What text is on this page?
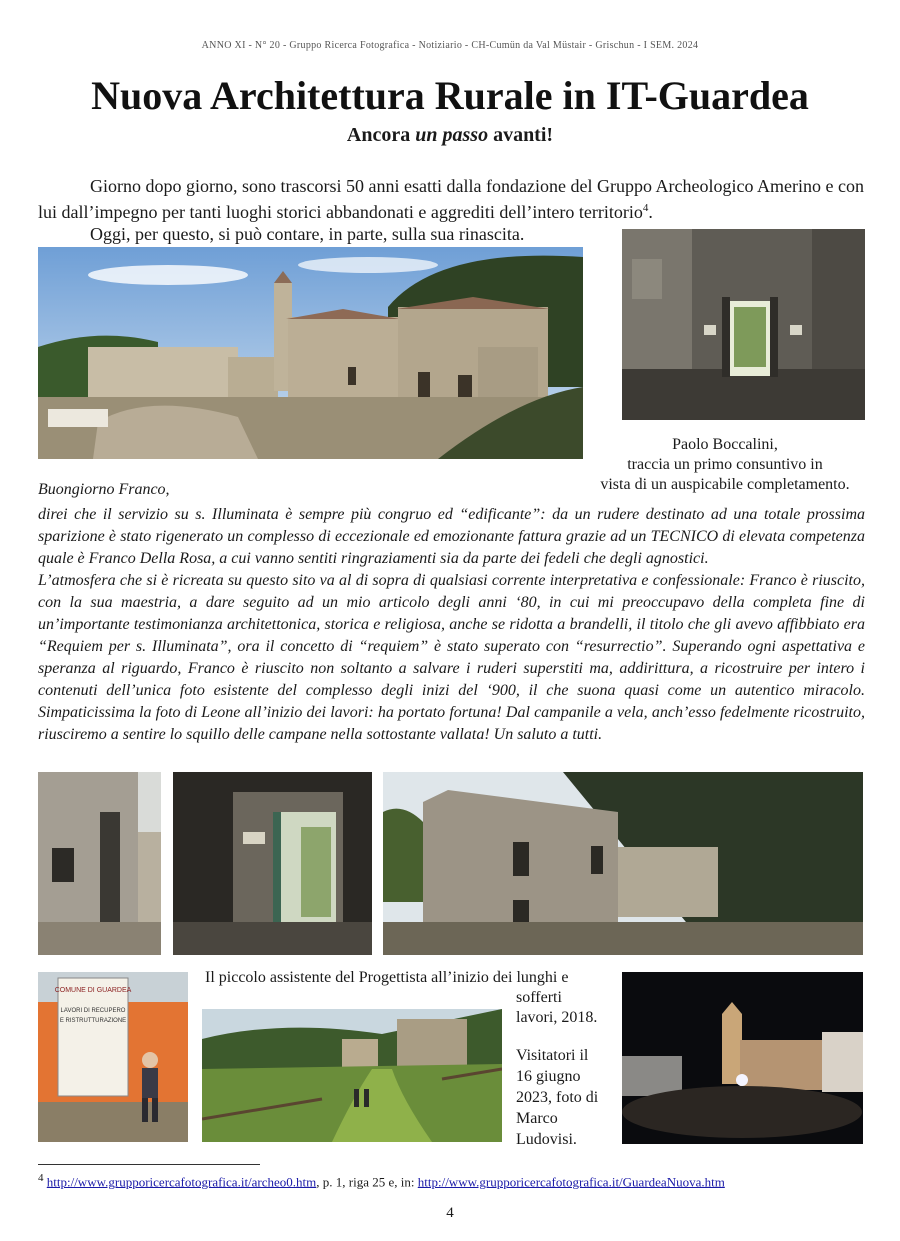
ANNO XI - N° 20 - Gruppo Ricerca Fotografica - Notiziario - CH-Cumün da Val Müstair - Grischun - I SEM. 2024
Nuova Architettura Rurale in IT-Guardea
Ancora un passo avanti!

Giorno dopo giorno, sono trascorsi 50 anni esatti dalla fondazione del Gruppo Archeologico Amerino e con lui dall’impegno per tanti luoghi storici abbandonati e aggrediti dell’intero territorio$^4$.

Oggi, per questo, si può contare, in parte, sulla sua rinascita.

Paolo Boccalini,
traccia un primo consuntivo in
vista di un auspicabile completamento.
Buongiorno Franco,

direi che il servizio su s. Illuminata è sempre più congruo ed “edificante”: da un rudere destinato ad una totale prossima sparizione è stato rigenerato un complesso di eccezionale ed emozionante fattura grazie ad un TECNICO di elevata competenza quale è Franco Della Rosa, a cui vanno sentiti ringraziamenti sia da parte dei fedeli che degli agnostici.

L’atmosfera che si è ricreata su questo sito va al di sopra di qualsiasi corrente interpretativa e confessionale: Franco è riuscito, con la sua maestria, a dare seguito ad un mio articolo degli anni ‘80, in cui mi preoccupavo della completa fine di un’importante testimonianza architettonica, storica e religiosa, anche se ridotta a brandelli, il titolo che gli avevo affibbiato era “Requiem per s. Illuminata”, ora il concetto di “requiem” è stato superato con “resurrectio”. Superando ogni aspettativa e speranza al riguardo, Franco è riuscito non soltanto a salvare i ruderi superstiti ma, addirittura, a ricostruire per intero i contenuti dell’unica foto esistente del complesso degli inizi del ‘900, il che suona quasi come un autentico miracolo. Simpaticissima la foto di Leone all’inizio dei lavori: ha portato fortuna! Dal campanile a vela, anch’esso fedelmente ricostruito, riusciremo a sentire lo squillo delle campane nella sottostante vallata! Un saluto a tutti.

COMUNE DI GUARDEA
LAVORI DI RECUPERO
E RISTRUTTURAZIONE

Il piccolo assistente del Progettista all’inizio dei lunghi e

sofferti

lavori, 2018.

Visitatori il
16 giugno
2023, foto di
Marco
Ludovisi.
$^4$ http://www.grupporicercafotografica.it/archeo0.htm, p. 1, riga 25 e, in: http://www.grupporicercafotografica.it/GuardeaNuova.htm
4
